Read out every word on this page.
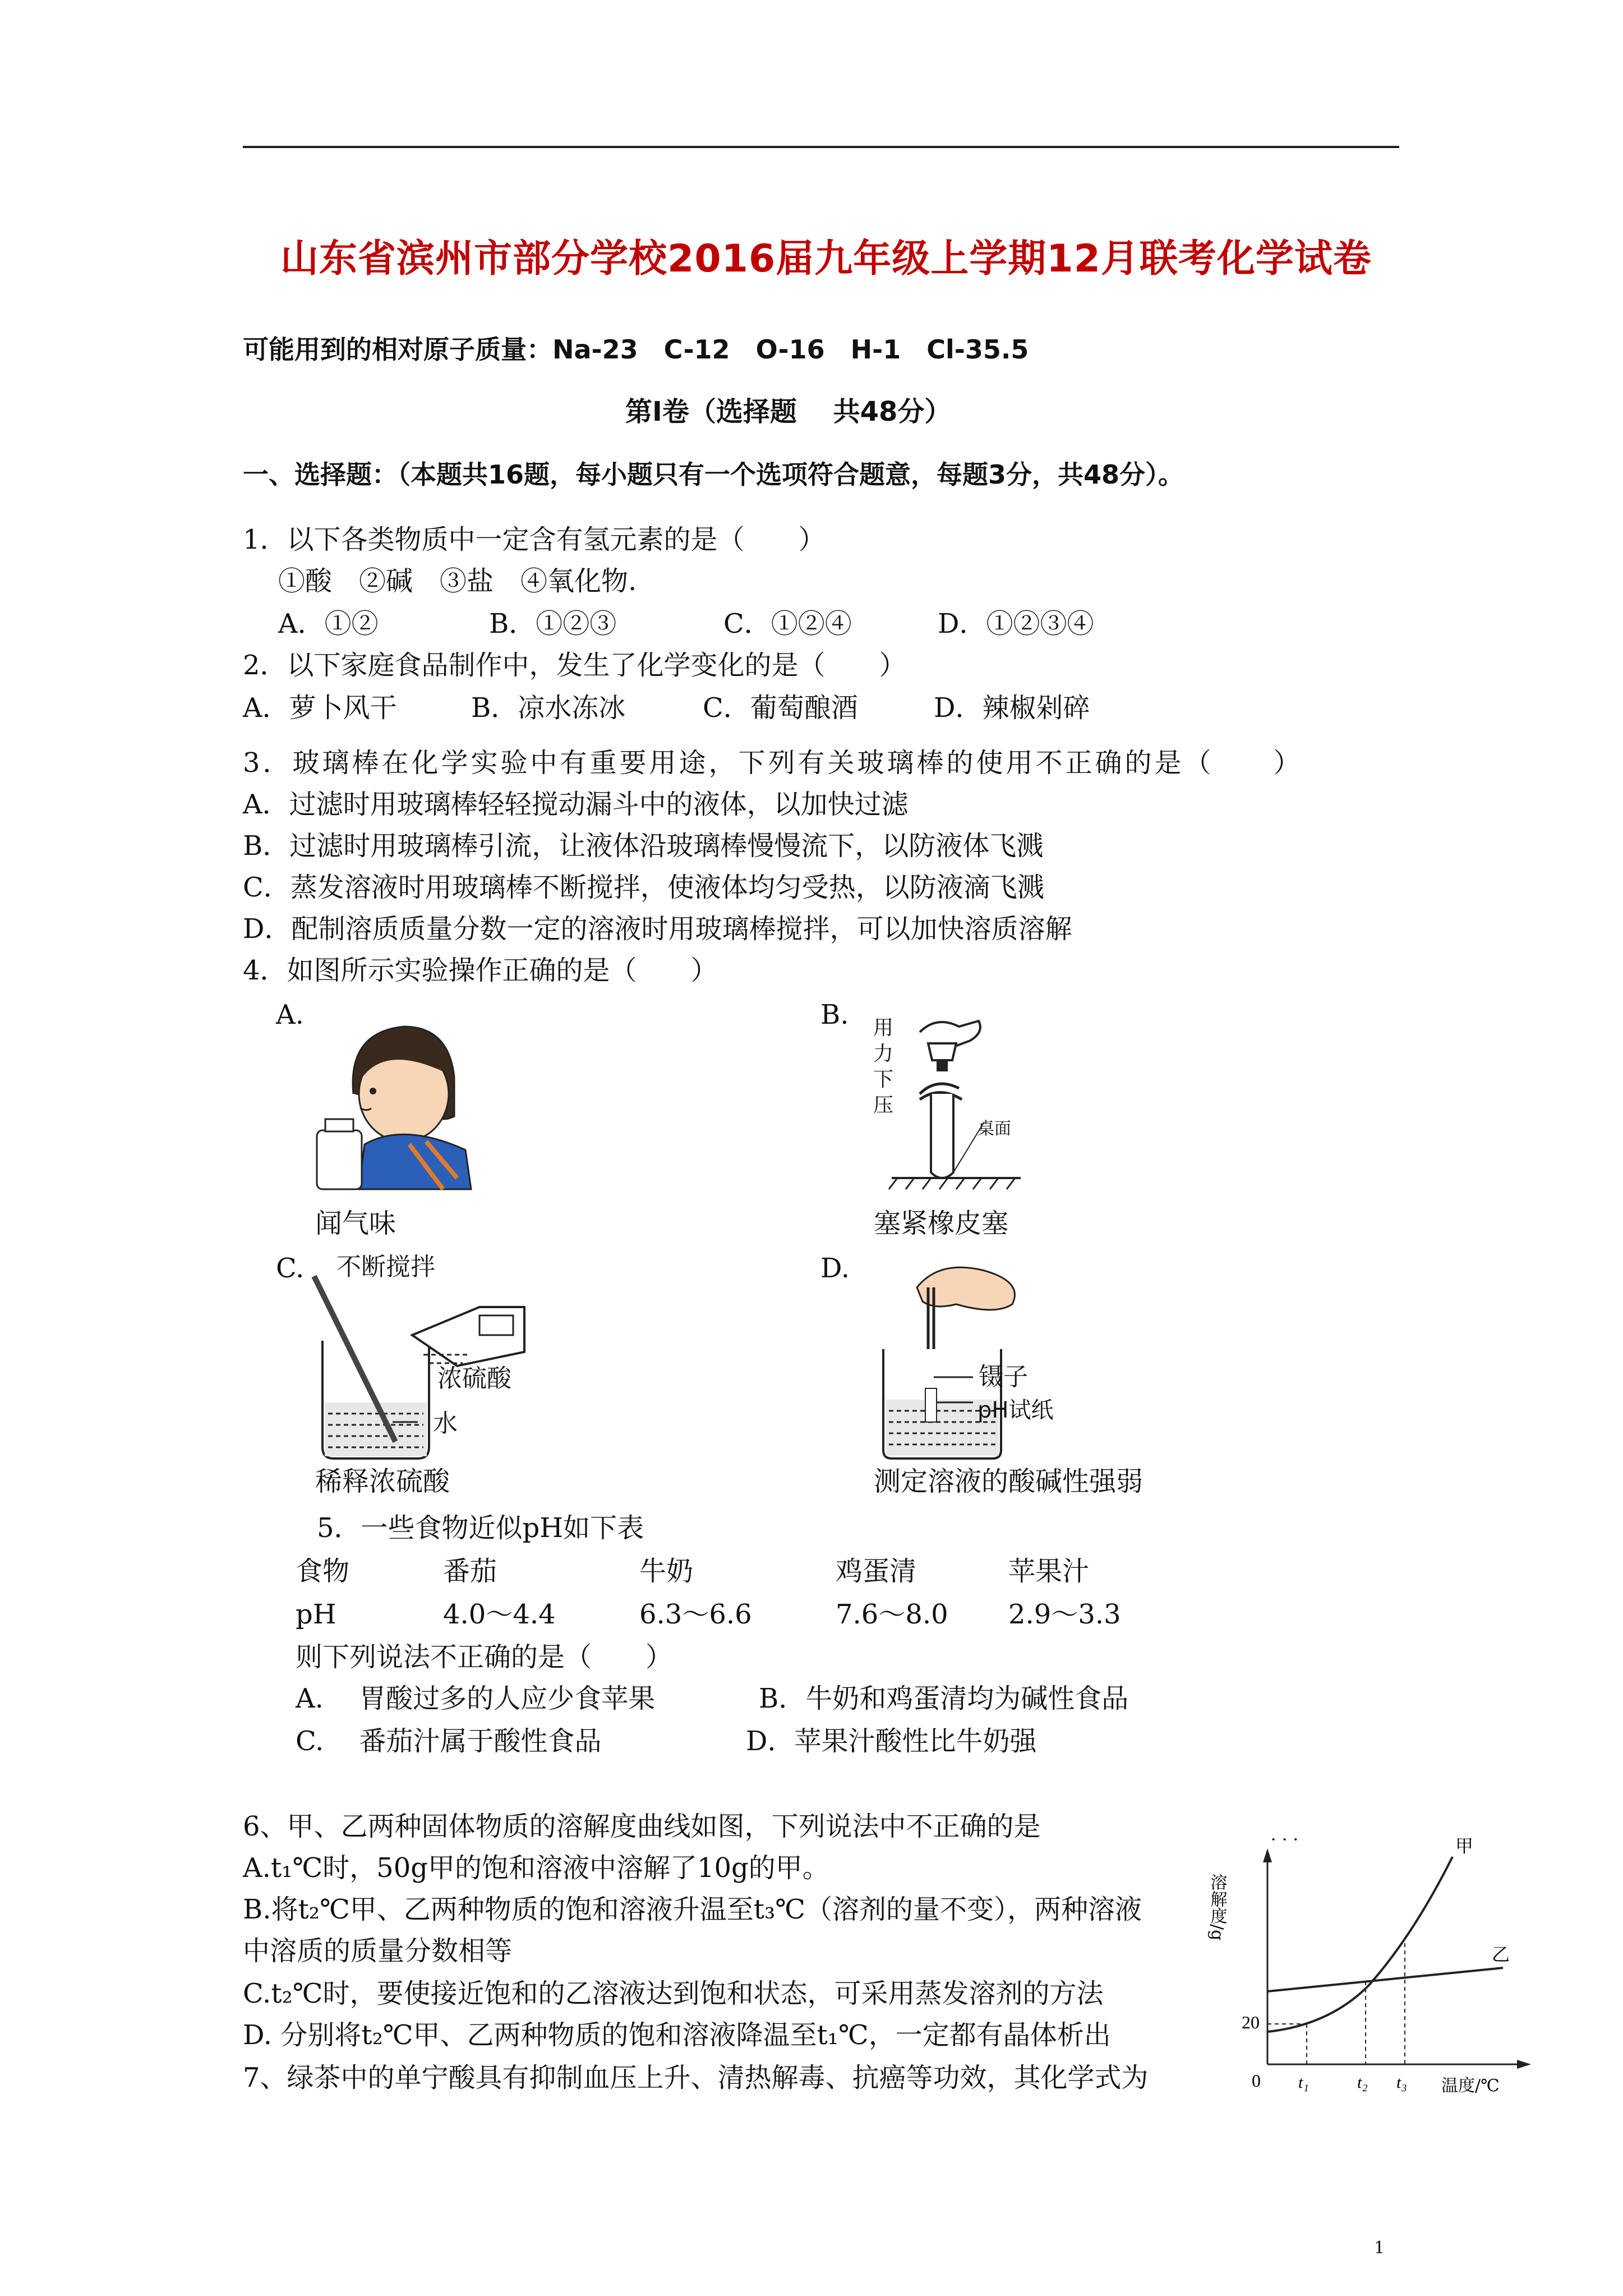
山东省滨州市部分学校2016届九年级上学期12月联考化学试卷
可能用到的相对原子质量：Na-23　C-12　O-16　H-1　Cl-35.5
第Ⅰ卷（选择题　 共48分）
一、选择题：（本题共16题，每小题只有一个选项符合题意，每题3分，共48分）。
1．以下各类物质中一定含有氢元素的是（　　）
①酸　②碱　③盐　④氧化物.
A．①②	B．①②③	C．①②④	D．①②③④
2．以下家庭食品制作中，发生了化学变化的是（　　）
A．萝卜风干	B．凉水冻冰	C．葡萄酿酒	D．辣椒剁碎
3．玻璃棒在化学实验中有重要用途，下列有关玻璃棒的使用不正确的是（　　）
A．过滤时用玻璃棒轻轻搅动漏斗中的液体，以加快过滤
B．过滤时用玻璃棒引流，让液体沿玻璃棒慢慢流下，以防液体飞溅
C．蒸发溶液时用玻璃棒不断搅拌，使液体均匀受热，以防液滴飞溅
D．配制溶质质量分数一定的溶液时用玻璃棒搅拌，可以加快溶质溶解
4．如图所示实验操作正确的是（　　）
A.
闻气味
B. 用力下压
桌面
塞紧橡皮塞
C. 不断搅拌
浓硫酸
水
稀释浓硫酸
D.
镊子
pH试纸
测定溶液的酸碱性强弱
5．一些食物近似pH如下表
食物	番茄	牛奶	鸡蛋清	苹果汁
pH	4.0～4.4	6.3～6.6	7.6～8.0 2.9～3.3
则下列说法不正确的是（　　）
A.　 胃酸过多的人应少食苹果	B．牛奶和鸡蛋清均为碱性食品
C.　 番茄汁属于酸性食品	D．苹果汁酸性比牛奶强
6、甲、乙两种固体物质的溶解度曲线如图，下列说法中不正确的是
A.t₁℃时，50g甲的饱和溶液中溶解了10g的甲。
B.将t₂℃甲、乙两种物质的饱和溶液升温至t₃℃（溶剂的量不变），两种溶液
中溶质的质量分数相等
C.t₂℃时，要使接近饱和的乙溶液达到饱和状态，可采用蒸发溶剂的方法
D. 分别将t₂℃甲、乙两种物质的饱和溶液降温至t₁℃，一定都有晶体析出
7、绿茶中的单宁酸具有抑制血压上升、清热解毒、抗癌等功效，其化学式为
· · ·
溶解度/g
甲
乙
20
0 t₁	t₂ t₃ 温度/℃
1
